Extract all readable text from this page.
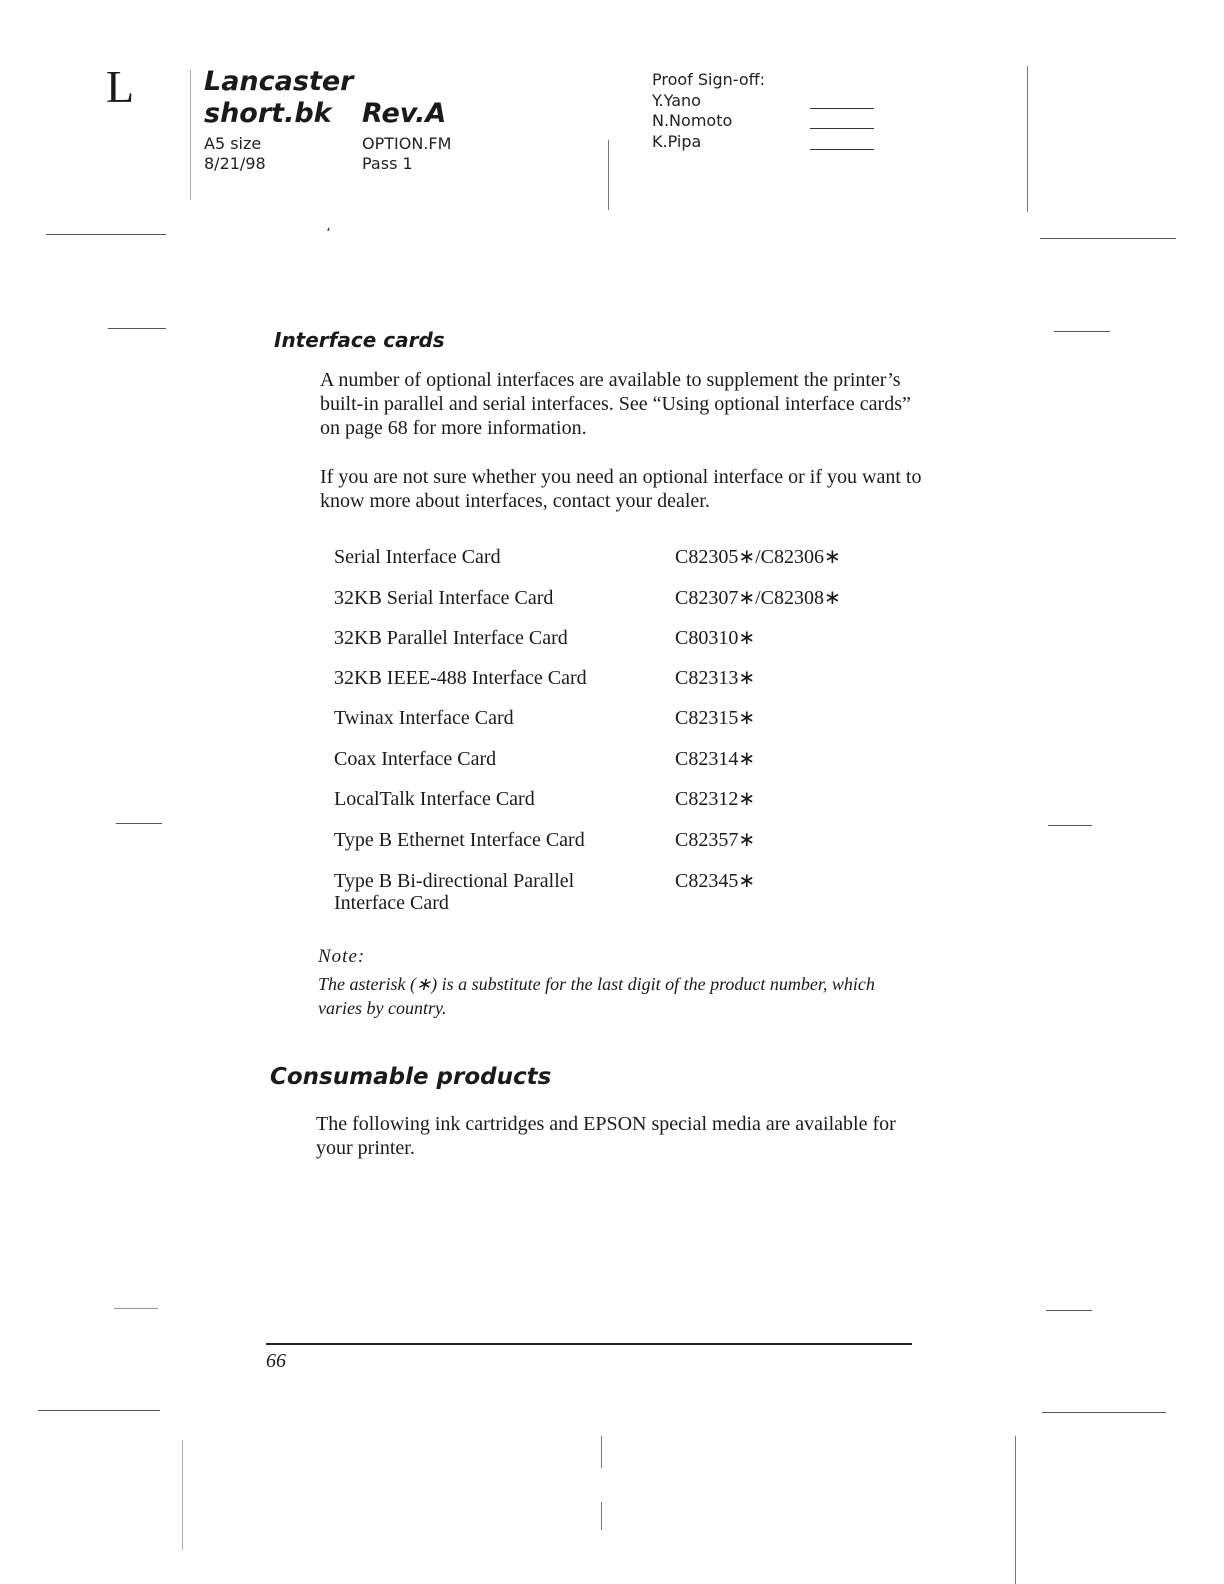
L	Lancaster
short.bk Rev.A
A5 size
8/21/98
OPTION.FM
Pass 1
Proof Sign-off:
Y.Yano
N.Nomoto
K.Pipa
ʻ
Interface cards
A number of optional interfaces are available to supplement the printer’s built-in parallel and serial interfaces. See “Using optional interface cards” on page 68 for more information.
If you are not sure whether you need an optional interface or if you want to know more about interfaces, contact your dealer.
Serial Interface Card	C82305∗/C82306∗
32KB Serial Interface Card	C82307∗/C82308∗
32KB Parallel Interface Card	C80310∗
32KB IEEE-488 Interface Card	C82313∗
Twinax Interface Card	C82315∗
Coax Interface Card	C82314∗
LocalTalk Interface Card	C82312∗
Type B Ethernet Interface Card	C82357∗
Type B Bi-directional Parallel Interface Card
C82345∗
Note:
The asterisk (∗) is a substitute for the last digit of the product number, which varies by country.
Consumable products
The following ink cartridges and EPSON special media are available for your printer.
66
